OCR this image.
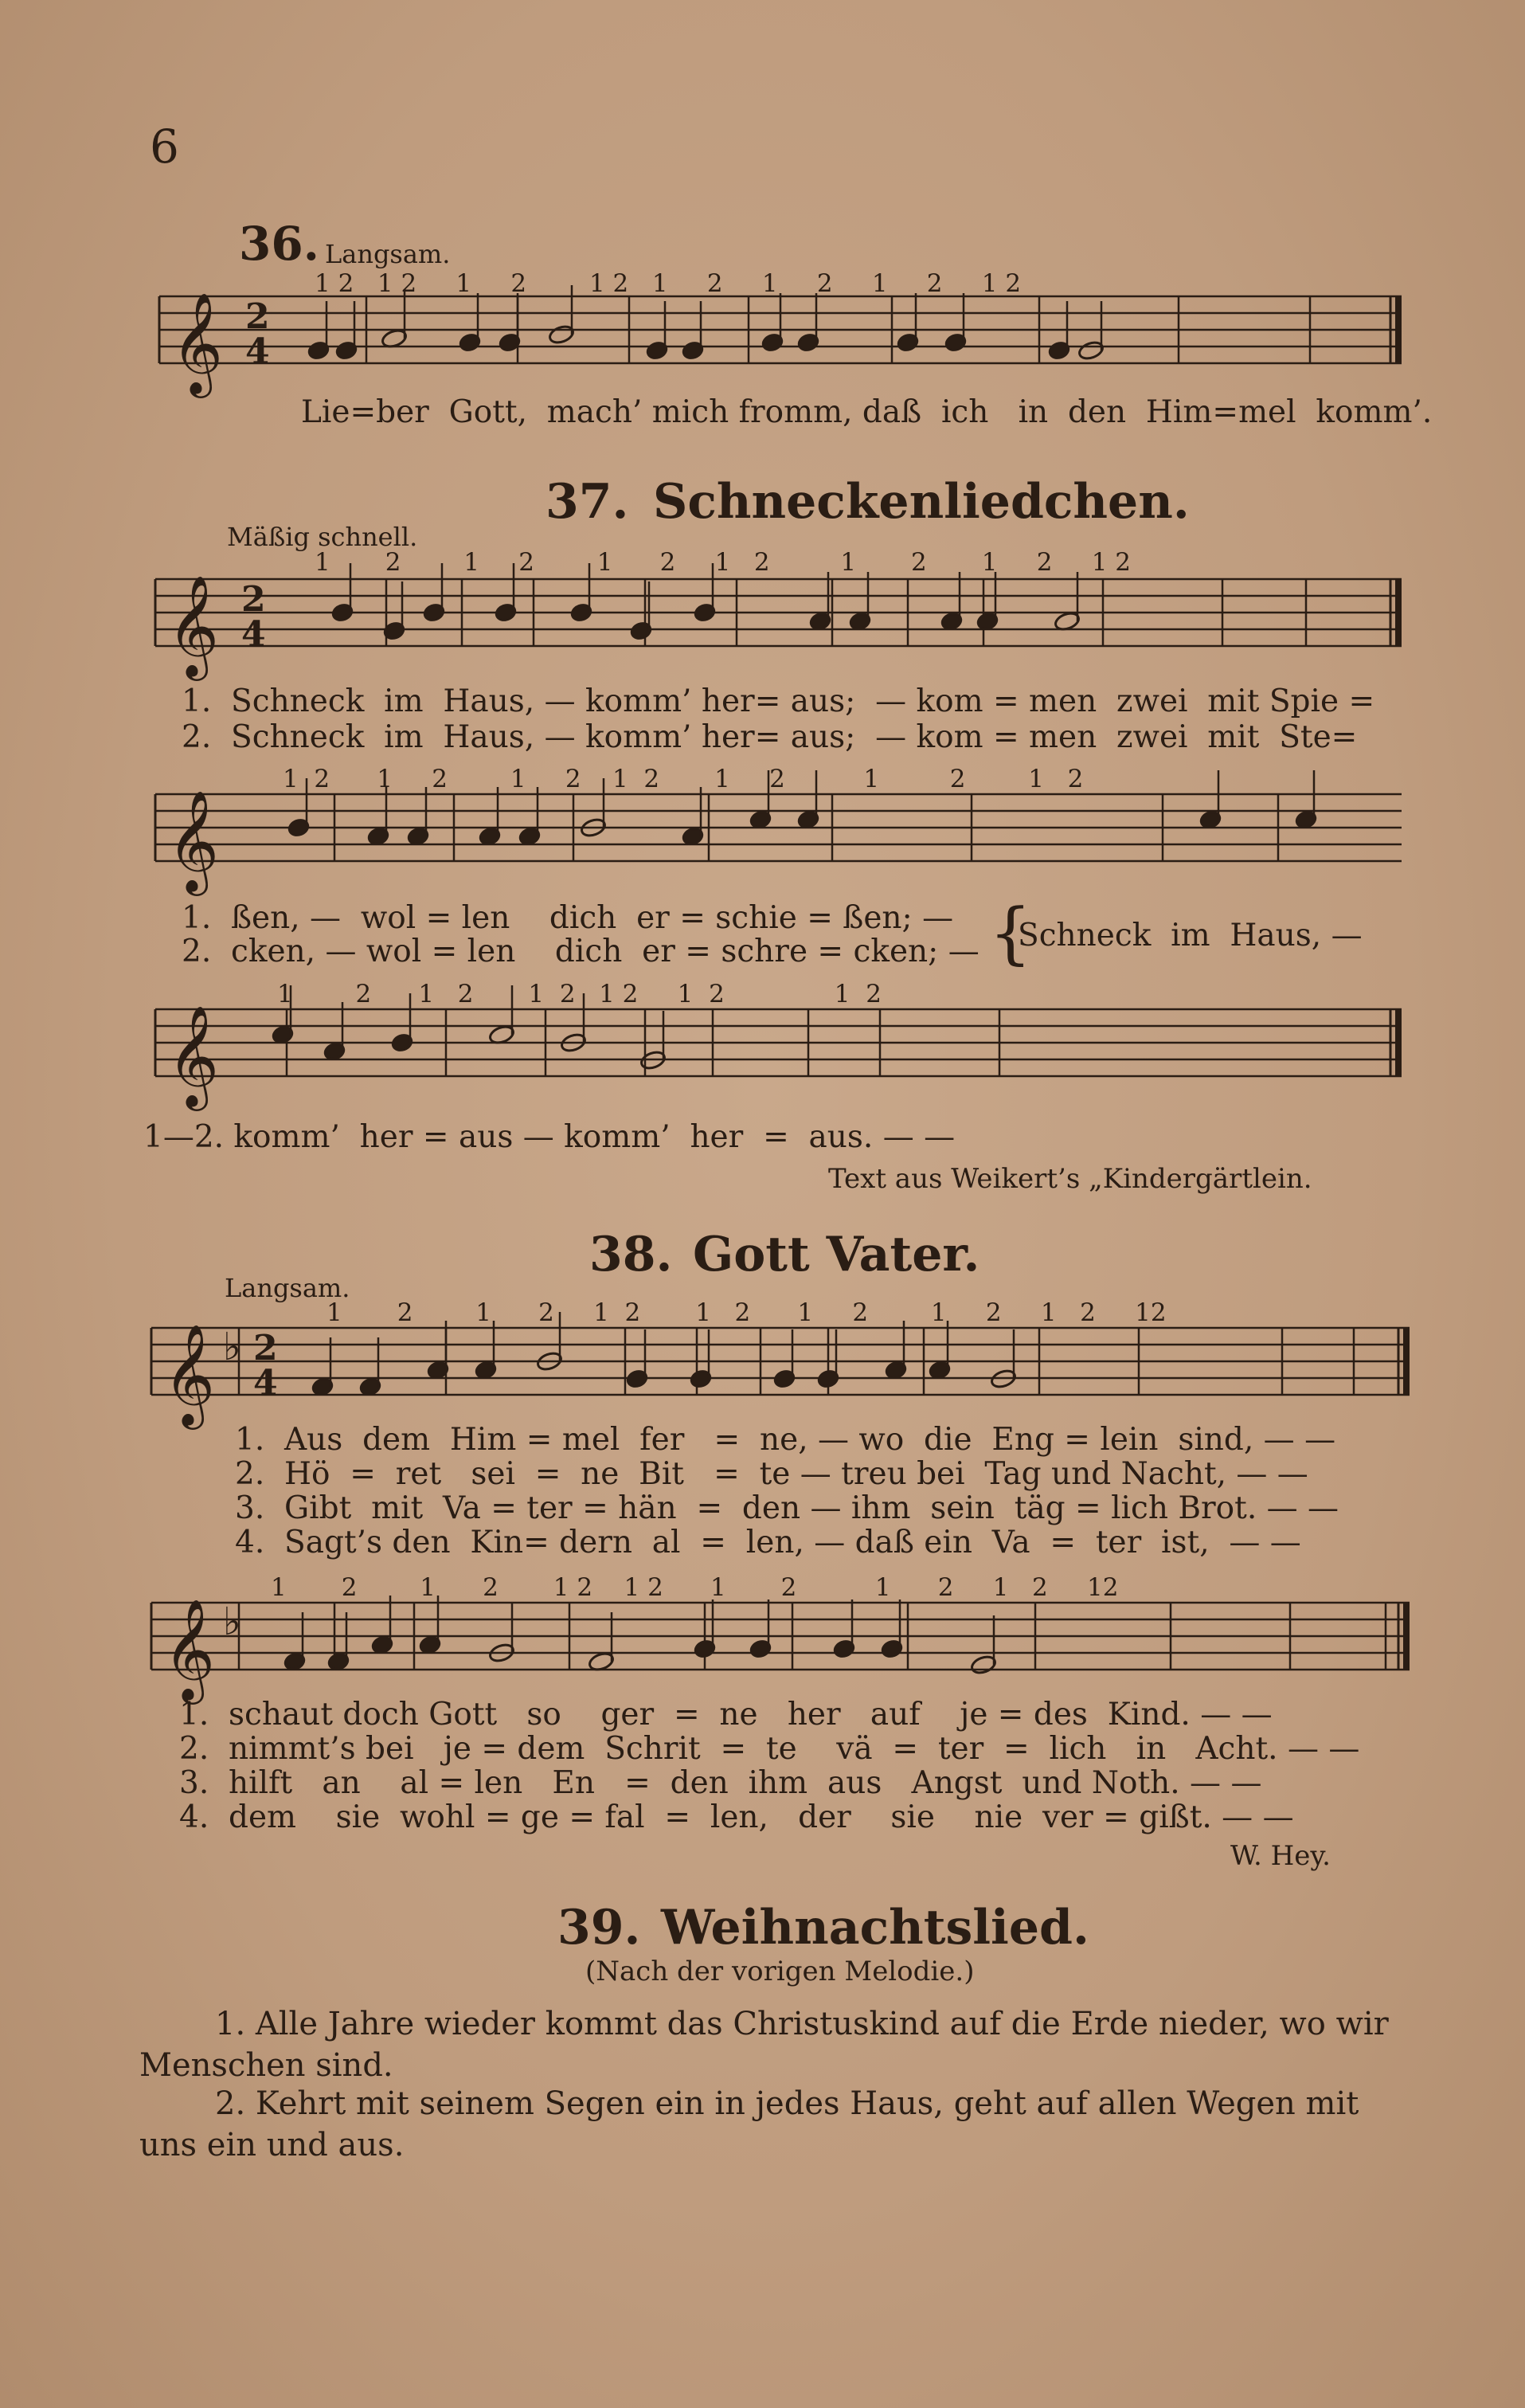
6
36. Langsam.
1 2   1 2     1     2        1 2   1     2     1     2     1     2     1 2
𝄞 2
4
Lie=ber  Gott,  mach’ mich fromm, daß  ich   in  den  Him=mel  komm’.
37. Schneckenliedchen.
Mäßig schnell.
1       2        1     2        1      2     1   2         1       2       1     2     1 2
𝄞 2
4
1.  Schneck  im  Haus, — komm’ her= aus;  — kom = men  zwei  mit Spie =
2.  Schneck  im  Haus, — komm’ her= aus;  — kom = men  zwei  mit  Ste=
1  2      1     2        1     2    1  2       1     2          1         2        1   2
𝄞
1.  ßen, —  wol = len    dich  er = schie = ßen; —
2.  cken, — wol = len    dich  er = schre = cken; — {
Schneck  im  Haus, —
1        2      1   2       1  2   1 2     1  2              1  2
𝄞
1—2. komm’  her = aus — komm’  her  =  aus. — —
Text aus Weikert’s „Kindergärtlein.
38. Gott Vater.
Langsam.
1       2        1      2     1  2       1   2      1     2        1     2     1   2     12
𝄞 ♭ 2
4
1.  Aus  dem  Him = mel  fer   =  ne, — wo  die  Eng = lein  sind, — —
2.  Hö  =  ret   sei  =  ne  Bit   =  te — treu bei  Tag und Nacht, — —
3.  Gibt  mit  Va = ter = hän  =  den — ihm  sein  täg = lich Brot. — —
4.  Sagt’s den  Kin= dern  al  =  len, — daß ein  Va  =  ter  ist,  — —
1       2        1      2       1 2    1 2      1       2          1      2     1   2     12
𝄞 ♭
1.  schaut doch Gott   so    ger  =  ne   her   auf    je = des  Kind. — —
2.  nimmt’s bei   je = dem  Schrit  =  te    vä  =  ter  =  lich   in   Acht. — —
3.  hilft   an    al = len   En   =  den  ihm  aus   Angst  und Noth. — —
4.  dem    sie  wohl = ge = fal  =  len,   der    sie    nie  ver = gißt. — —
W. Hey.
39. Weihnachtslied.
(Nach der vorigen Melodie.)
1. Alle Jahre wieder kommt das Christuskind auf die Erde nieder, wo wir Menschen sind.
2. Kehrt mit seinem Segen ein in jedes Haus, geht auf allen Wegen mit uns ein und aus.
